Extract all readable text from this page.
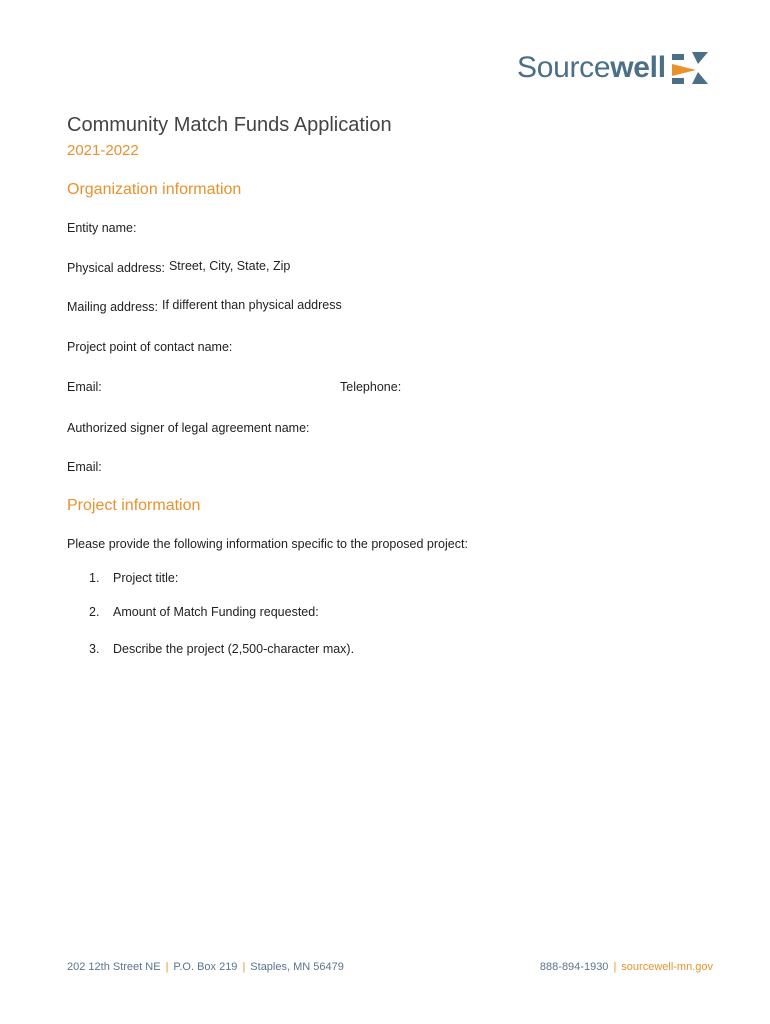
Sourcewell
Community Match Funds Application
2021-2022
Organization information
Entity name:
Physical address: Street, City, State, Zip
Mailing address: If different than physical address
Project point of contact name:
Email:	Telephone:
Authorized signer of legal agreement name:
Email:
Project information
Please provide the following information specific to the proposed project:
1.	Project title:
2.	Amount of Match Funding requested:
3.	Describe the project (2,500-character max).
202 12th Street NE | P.O. Box 219 | Staples, MN 56479	888-894-1930 | sourcewell-mn.gov
